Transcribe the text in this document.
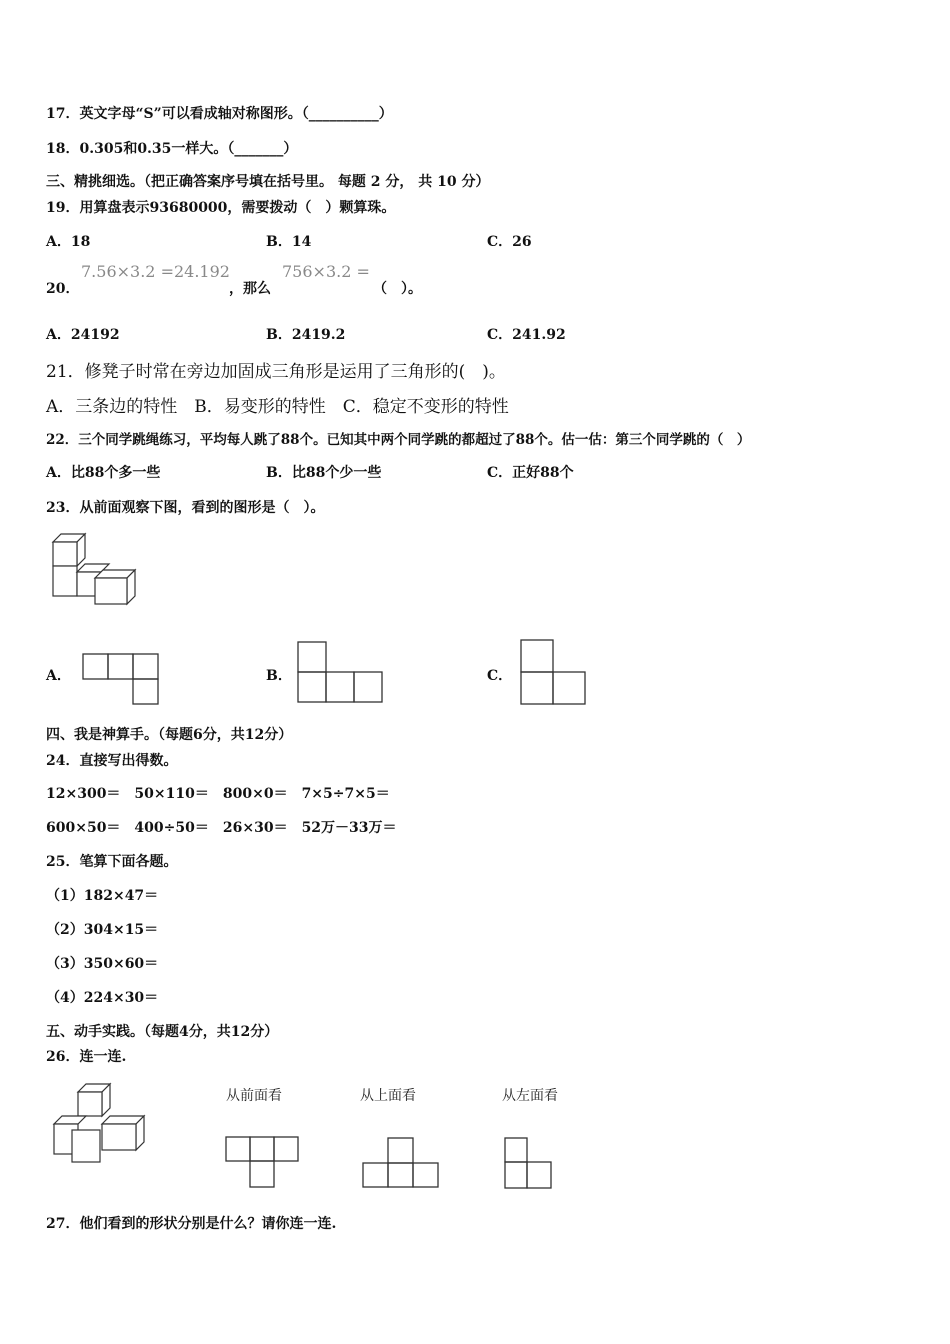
17．英文字母“S”可以看成轴对称图形。（__________）
18．0.305和0.35一样大。（_______）
三、精挑细选。（把正确答案序号填在括号里。 每题 2 分， 共 10 分）
19．用算盘表示93680000，需要拨动（　）颗算珠。
A．18	B．14	C．26
20．
7.56×3.2 =24.192
，那么
756×3.2 =
（　）。
A．24192	B．2419.2	C．241.92
21．修凳子时常在旁边加固成三角形是运用了三角形的(　)。
A．三条边的特性　B．易变形的特性　C．稳定不变形的特性
22．三个同学跳绳练习，平均每人跳了88个。已知其中两个同学跳的都超过了88个。估一估：第三个同学跳的（　）
A．比88个多一些	B．比88个少一些	C．正好88个
23．从前面观察下图，看到的图形是（　）。
A．	B．	C．
四、我是神算手。（每题6分，共12分）
24．直接写出得数。
12×300＝　50×110＝　800×0＝　7×5÷7×5＝
600×50＝　400÷50＝　26×30＝　52万－33万＝
25．笔算下面各题。
（1）182×47＝
（2）304×15＝
（3）350×60＝
（4）224×30＝
五、动手实践。（每题4分，共12分）
26．连一连.
从前面看	从上面看	从左面看
27．他们看到的形状分别是什么？请你连一连.
